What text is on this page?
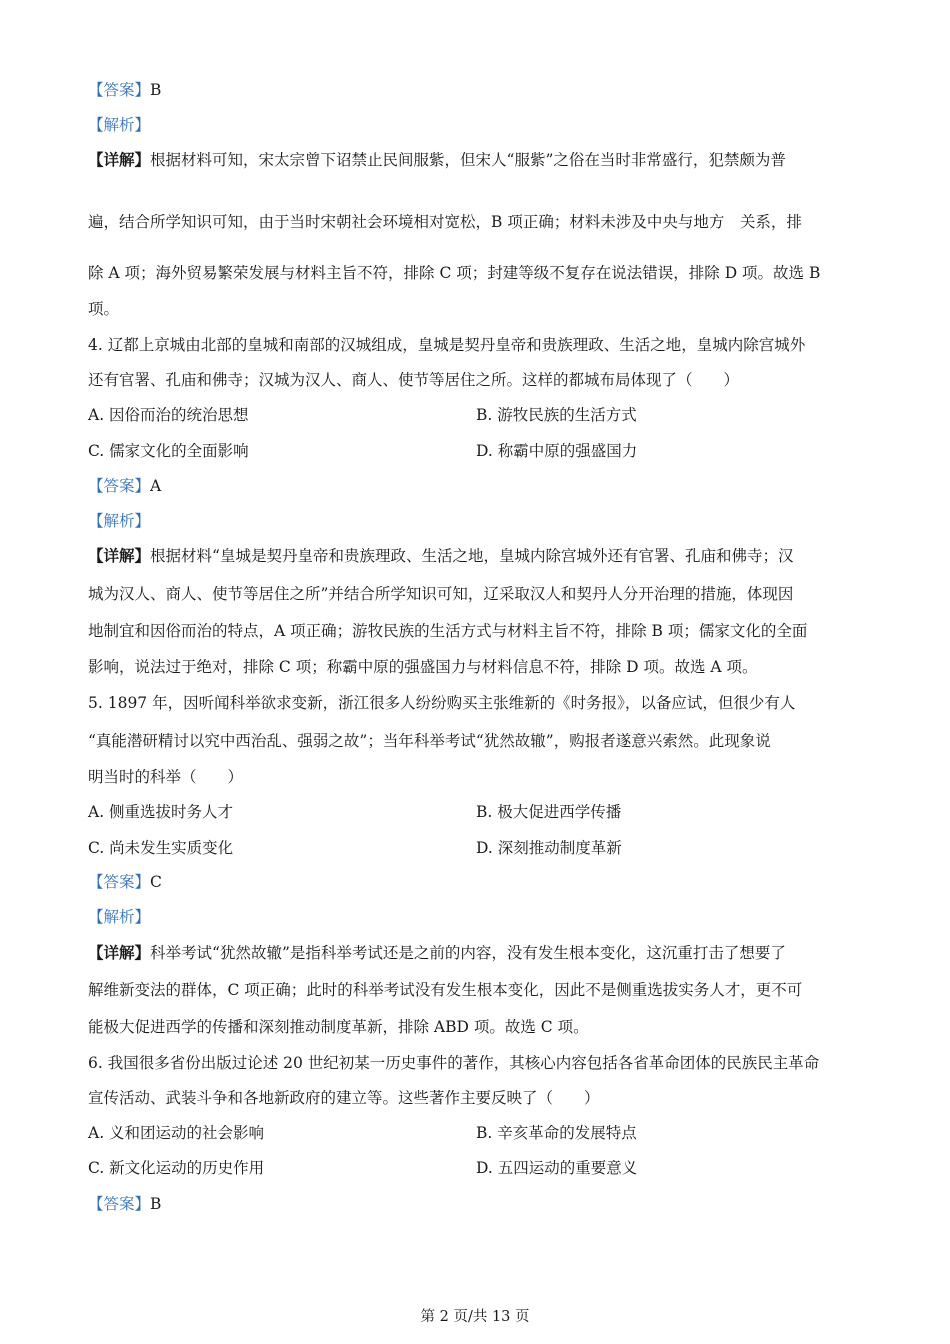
【答案】B
【解析】
【详解】根据材料可知，宋太宗曾下诏禁止民间服紫，但宋人“服紫”之俗在当时非常盛行，犯禁颇为普
遍，结合所学知识可知，由于当时宋朝社会环境相对宽松，B 项正确；材料未涉及中央与地方　关系，排
除 A 项；海外贸易繁荣发展与材料主旨不符，排除 C 项；封建等级不复存在说法错误，排除 D 项。故选 B
项。
4. 辽都上京城由北部的皇城和南部的汉城组成，皇城是契丹皇帝和贵族理政、生活之地，皇城内除宫城外
还有官署、孔庙和佛寺；汉城为汉人、商人、使节等居住之所。这样的都城布局体现了（　　）
A. 因俗而治的统治思想	B. 游牧民族的生活方式
C. 儒家文化的全面影响	D. 称霸中原的强盛国力
【答案】A
【解析】
【详解】根据材料“皇城是契丹皇帝和贵族理政、生活之地，皇城内除宫城外还有官署、孔庙和佛寺；汉
城为汉人、商人、使节等居住之所”并结合所学知识可知，辽采取汉人和契丹人分开治理的措施，体现因
地制宜和因俗而治的特点，A 项正确；游牧民族的生活方式与材料主旨不符，排除 B 项；儒家文化的全面
影响，说法过于绝对，排除 C 项；称霸中原的强盛国力与材料信息不符，排除 D 项。故选 A 项。
5. 1897 年，因听闻科举欲求变新，浙江很多人纷纷购买主张维新的《时务报》，以备应试，但很少有人
“真能潜研精讨以究中西治乱、强弱之故”；当年科举考试“犹然故辙”，购报者遂意兴索然。此现象说
明当时的科举（　　）
A. 侧重选拔时务人才	B. 极大促进西学传播
C. 尚未发生实质变化	D. 深刻推动制度革新
【答案】C
【解析】
【详解】科举考试“犹然故辙”是指科举考试还是之前的内容，没有发生根本变化，这沉重打击了想要了
解维新变法的群体，C 项正确；此时的科举考试没有发生根本变化，因此不是侧重选拔实务人才，更不可
能极大促进西学的传播和深刻推动制度革新，排除 ABD 项。故选 C 项。
6. 我国很多省份出版过论述 20 世纪初某一历史事件的著作，其核心内容包括各省革命团体的民族民主革命
宣传活动、武装斗争和各地新政府的建立等。这些著作主要反映了（　　）
A. 义和团运动的社会影响	B. 辛亥革命的发展特点
C. 新文化运动的历史作用	D. 五四运动的重要意义
【答案】B
第 2 页/共 13 页
